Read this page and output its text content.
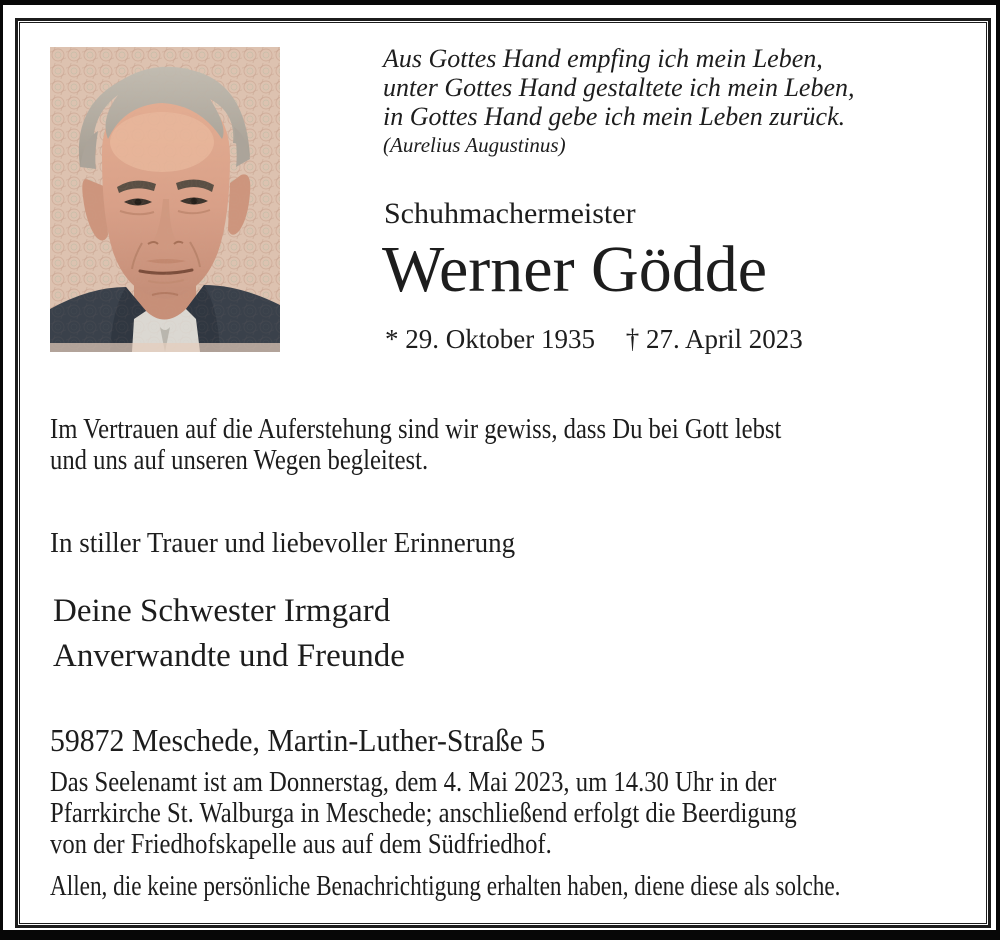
Aus Gottes Hand empfing ich mein Leben,
unter Gottes Hand gestaltete ich mein Leben,
in Gottes Hand gebe ich mein Leben zurück.
(Aurelius Augustinus)
Schuhmachermeister
Werner Gödde
* 29. Oktober 1935 † 27. April 2023
Im Vertrauen auf die Auferstehung sind wir gewiss, dass Du bei Gott lebst
und uns auf unseren Wegen begleitest.
In stiller Trauer und liebevoller Erinnerung
Deine Schwester Irmgard
Anverwandte und Freunde
59872 Meschede, Martin-Luther-Straße 5
Das Seelenamt ist am Donnerstag, dem 4. Mai 2023, um 14.30 Uhr in der
Pfarrkirche St. Walburga in Meschede; anschließend erfolgt die Beerdigung
von der Friedhofskapelle aus auf dem Südfriedhof.
Allen, die keine persönliche Benachrichtigung erhalten haben, diene diese als solche.
